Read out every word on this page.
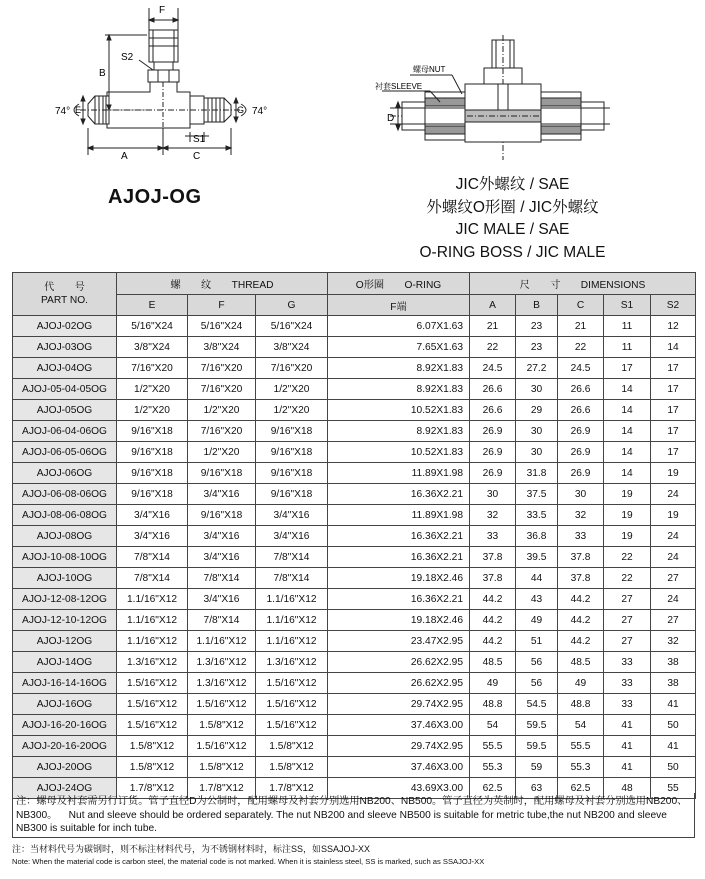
F
B
S2
S1
E	G
A	C
74°	74°
螺母NUT
衬套SLEEVE
D
AJOJ-OG
JIC外螺纹 / SAE
外螺纹O形圈 / JIC外螺纹
JIC MALE / SAE
O-RING BOSS / JIC MALE
代　　号
PART NO.	螺　　纹　　THREAD			O形圈　　O-RING	尺　　寸　　DIMENSIONS				
	E	F	G	F端	A	B	C	S1	S2
AJOJ-02OG	5/16"X24	5/16"X24	5/16"X24	6.07X1.63	21	23	21	11	12
AJOJ-03OG	3/8"X24	3/8"X24	3/8"X24	7.65X1.63	22	23	22	11	14
AJOJ-04OG	7/16"X20	7/16"X20	7/16"X20	8.92X1.83	24.5	27.2	24.5	17	17
AJOJ-05-04-05OG	1/2"X20	7/16"X20	1/2"X20	8.92X1.83	26.6	30	26.6	14	17
AJOJ-05OG	1/2"X20	1/2"X20	1/2"X20	10.52X1.83	26.6	29	26.6	14	17
AJOJ-06-04-06OG	9/16"X18	7/16"X20	9/16"X18	8.92X1.83	26.9	30	26.9	14	17
AJOJ-06-05-06OG	9/16"X18	1/2"X20	9/16"X18	10.52X1.83	26.9	30	26.9	14	17
AJOJ-06OG	9/16"X18	9/16"X18	9/16"X18	11.89X1.98	26.9	31.8	26.9	14	19
AJOJ-06-08-06OG	9/16"X18	3/4"X16	9/16"X18	16.36X2.21	30	37.5	30	19	24
AJOJ-08-06-08OG	3/4"X16	9/16"X18	3/4"X16	11.89X1.98	32	33.5	32	19	19
AJOJ-08OG	3/4"X16	3/4"X16	3/4"X16	16.36X2.21	33	36.8	33	19	24
AJOJ-10-08-10OG	7/8"X14	3/4"X16	7/8"X14	16.36X2.21	37.8	39.5	37.8	22	24
AJOJ-10OG	7/8"X14	7/8"X14	7/8"X14	19.18X2.46	37.8	44	37.8	22	27
AJOJ-12-08-12OG	1.1/16"X12	3/4"X16	1.1/16"X12	16.36X2.21	44.2	43	44.2	27	24
AJOJ-12-10-12OG	1.1/16"X12	7/8"X14	1.1/16"X12	19.18X2.46	44.2	49	44.2	27	27
AJOJ-12OG	1.1/16"X12	1.1/16"X12	1.1/16"X12	23.47X2.95	44.2	51	44.2	27	32
AJOJ-14OG	1.3/16"X12	1.3/16"X12	1.3/16"X12	26.62X2.95	48.5	56	48.5	33	38
AJOJ-16-14-16OG	1.5/16"X12	1.3/16"X12	1.5/16"X12	26.62X2.95	49	56	49	33	38
AJOJ-16OG	1.5/16"X12	1.5/16"X12	1.5/16"X12	29.74X2.95	48.8	54.5	48.8	33	41
AJOJ-16-20-16OG	1.5/16"X12	1.5/8"X12	1.5/16"X12	37.46X3.00	54	59.5	54	41	50
AJOJ-20-16-20OG	1.5/8"X12	1.5/16"X12	1.5/8"X12	29.74X2.95	55.5	59.5	55.5	41	41
AJOJ-20OG	1.5/8"X12	1.5/8"X12	1.5/8"X12	37.46X3.00	55.3	59	55.3	41	50
AJOJ-24OG	1.7/8"X12	1.7/8"X12	1.7/8"X12	43.69X3.00	62.5	63	62.5	48	55
注：螺母及衬套需另行订货。管子直径D为公制时，配用螺母及衬套分别选用NB200、NB500。管子直径为英制时，配用螺母及衬套分别选用NB200、NB300。 Nut and sleeve should be ordered separately. The nut NB200 and sleeve NB500 is suitable for metric tube,the nut NB200 and sleeve NB300 is suitable for inch tube.
注：当材料代号为碳钢时，则不标注材料代号，为不锈钢材料时，标注SS，如SSAJOJ-XX
Note: When the material code is carbon steel, the material code is not marked. When it is stainless steel, SS is marked, such as SSAJOJ-XX
